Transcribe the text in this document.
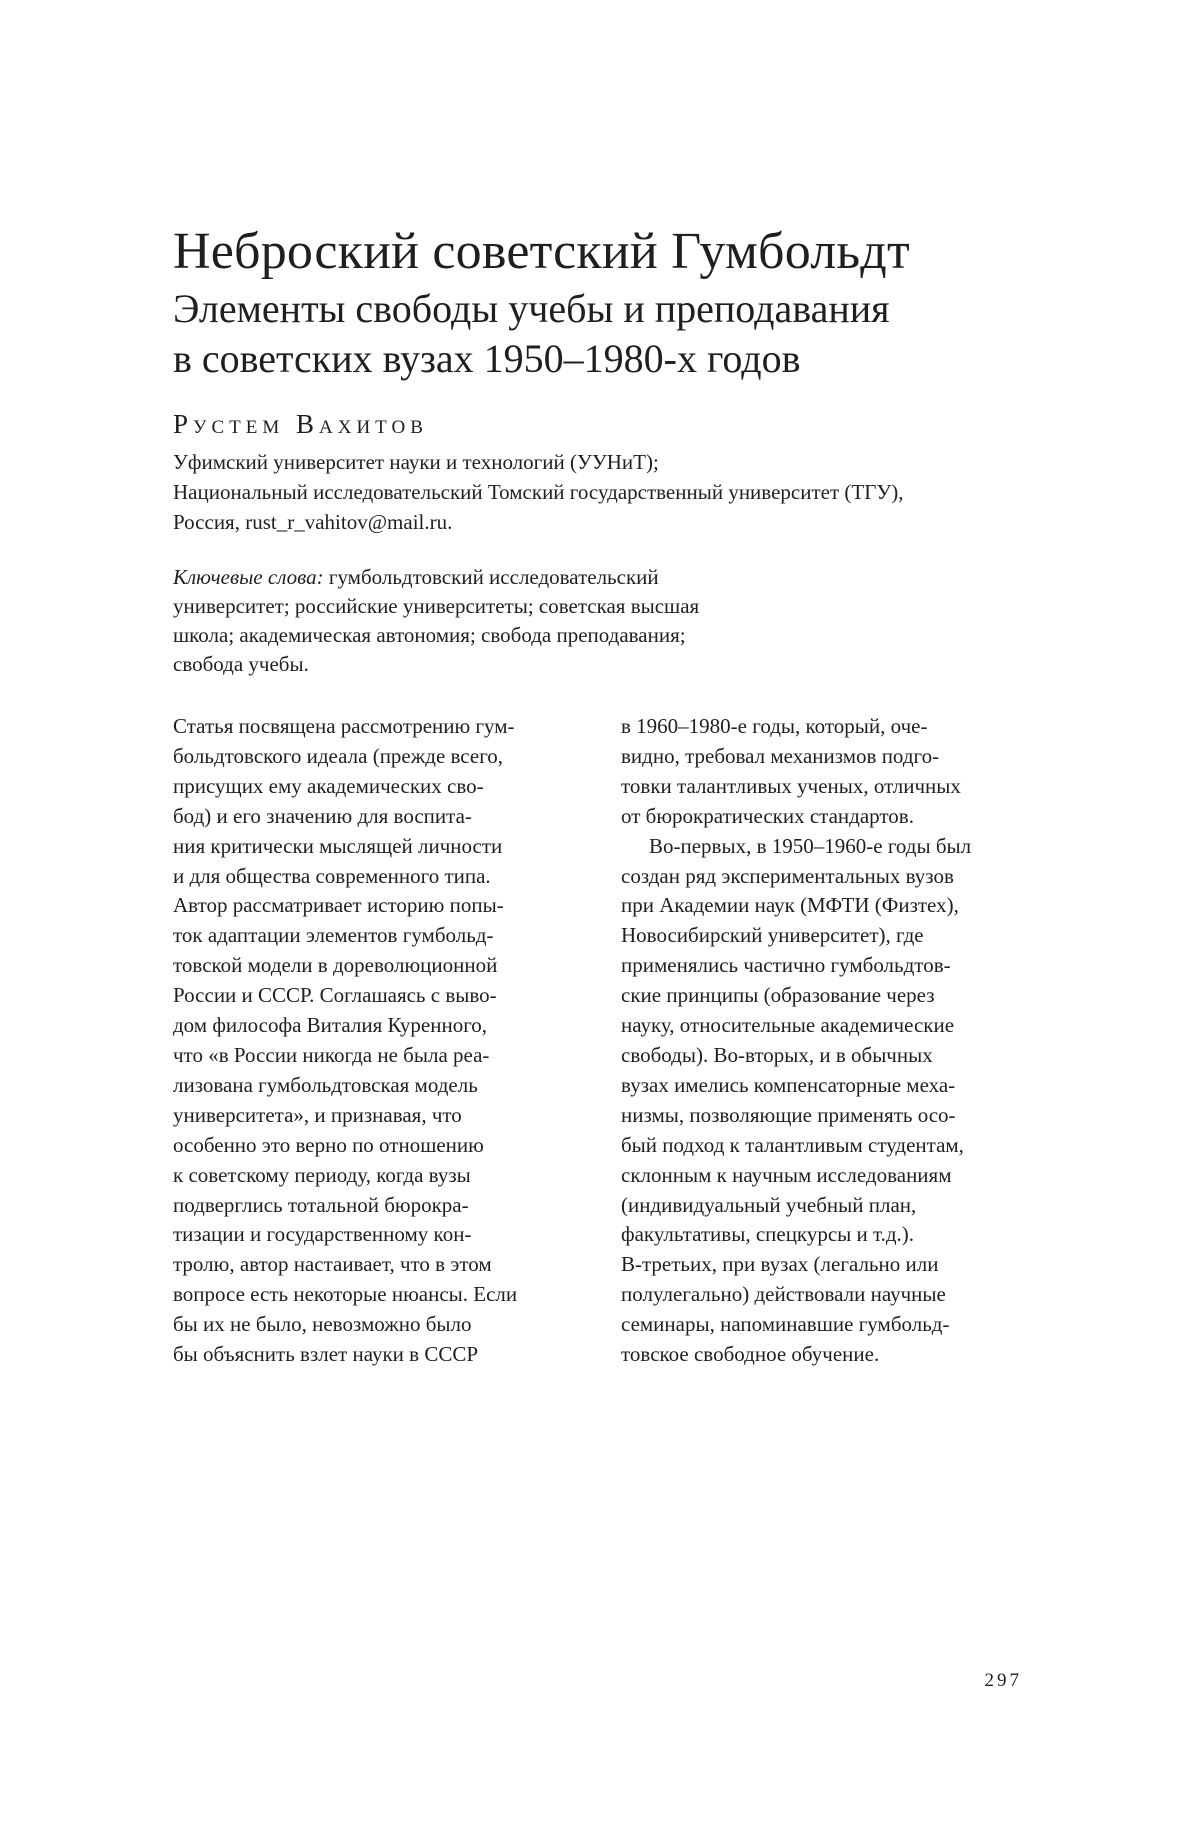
Неброский советский Гумбольдт
Элементы свободы учебы и преподавания
в советских вузах 1950–1980-х годов
Рустем Вахитов
Уфимский университет науки и технологий (УУНиТ);
Национальный исследовательский Томский государственный университет (ТГУ),
Россия, rust_r_vahitov@mail.ru.
Ключевые слова: гумбольдтовский исследовательский
университет; российские университеты; советская высшая
школа; академическая автономия; свобода преподавания;
свобода учебы.
Статья посвящена рассмотрению гум-
больдтовского идеала (прежде всего,
присущих ему академических сво-
бод) и его значению для воспита-
ния критически мыслящей личности
и для общества современного типа.
Автор рассматривает историю попы-
ток адаптации элементов гумбольд-
товской модели в дореволюционной
России и СССР. Соглашаясь с выво-
дом философа Виталия Куренного,
что «в России никогда не была реа-
лизована гумбольдтовская модель
университета», и признавая, что
особенно это верно по отношению
к советскому периоду, когда вузы
подверглись тотальной бюрокра-
тизации и государственному кон-
тролю, автор настаивает, что в этом
вопросе есть некоторые нюансы. Если
бы их не было, невозможно было
бы объяснить взлет науки в СССР
в 1960–1980-е годы, который, оче-
видно, требовал механизмов подго-
товки талантливых ученых, отличных
от бюрократических стандартов.
Во-первых, в 1950–1960-е годы был
создан ряд экспериментальных вузов
при Академии наук (МФТИ (Физтех),
Новосибирский университет), где
применялись частично гумбольдтов-
ские принципы (образование через
науку, относительные академические
свободы). Во-вторых, и в обычных
вузах имелись компенсаторные меха-
низмы, позволяющие применять осо-
бый подход к талантливым студентам,
склонным к научным исследованиям
(индивидуальный учебный план,
факультативы, спецкурсы и т.д.).
В-третьих, при вузах (легально или
полулегально) действовали научные
семинары, напоминавшие гумбольд-
товское свободное обучение.
297
